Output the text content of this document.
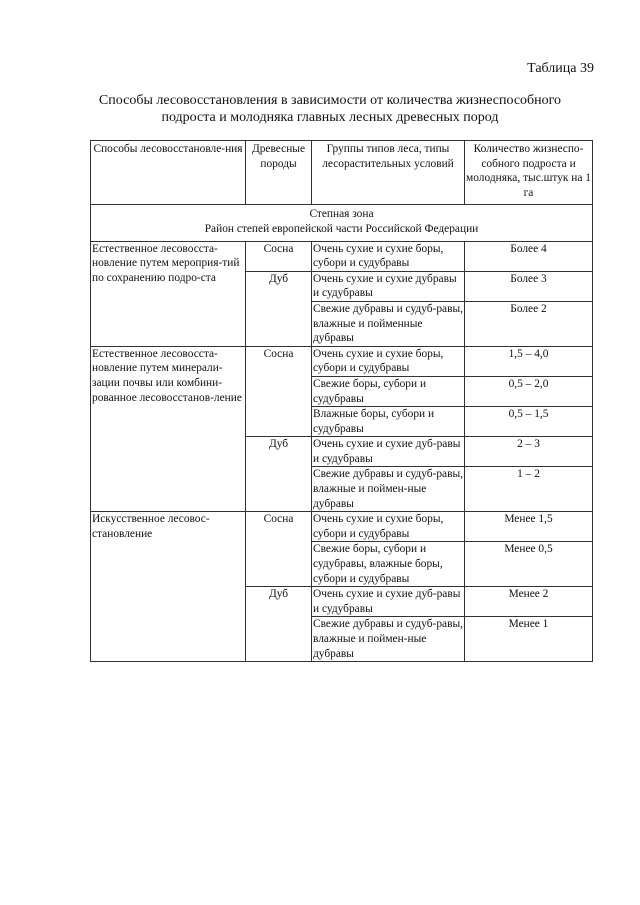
Таблица 39
Способы лесовосстановления в зависимости от количества жизнеспособного
подроста и молодняка главных лесных древесных пород
Способы лесовосстановле-ния	Древесные породы	Группы типов леса, типы лесорастительных условий	Количество жизнеспо-собного подроста и молодняка, тыс.штук на 1 га

Степная зона
Район степей европейской части Российской Федерации			

Естественное лесовосста-новление путем мероприя-тий по сохранению подро-ста	Сосна	Очень сухие и сухие боры, субори и судубравы	Более 4
	Дуб	Очень сухие и сухие дубравы и судубравы	Более 3
		Свежие дубравы и судуб-равы, влажные и пойменные дубравы	Более 2
Естественное лесовосста-новление путем минерали-зации почвы или комбини-рованное лесовосстанов-ление	Сосна	Очень сухие и сухие боры, субори и судубравы	1,5 – 4,0
		Свежие боры, субори и судубравы	0,5 – 2,0
		Влажные боры, субори и судубравы	0,5 – 1,5
	Дуб	Очень сухие и сухие дуб-равы и судубравы	2 – 3
		Свежие дубравы и судуб-равы, влажные и поймен-ные дубравы	1 – 2
Искусственное лесовос-становление	Сосна	Очень сухие и сухие боры, субори и судубравы	Менее 1,5
		Свежие боры, субори и судубравы, влажные боры, субори и судубравы	Менее 0,5
	Дуб	Очень сухие и сухие дуб-равы и судубравы	Менее 2
		Свежие дубравы и судуб-равы, влажные и поймен-ные дубравы	Менее 1
